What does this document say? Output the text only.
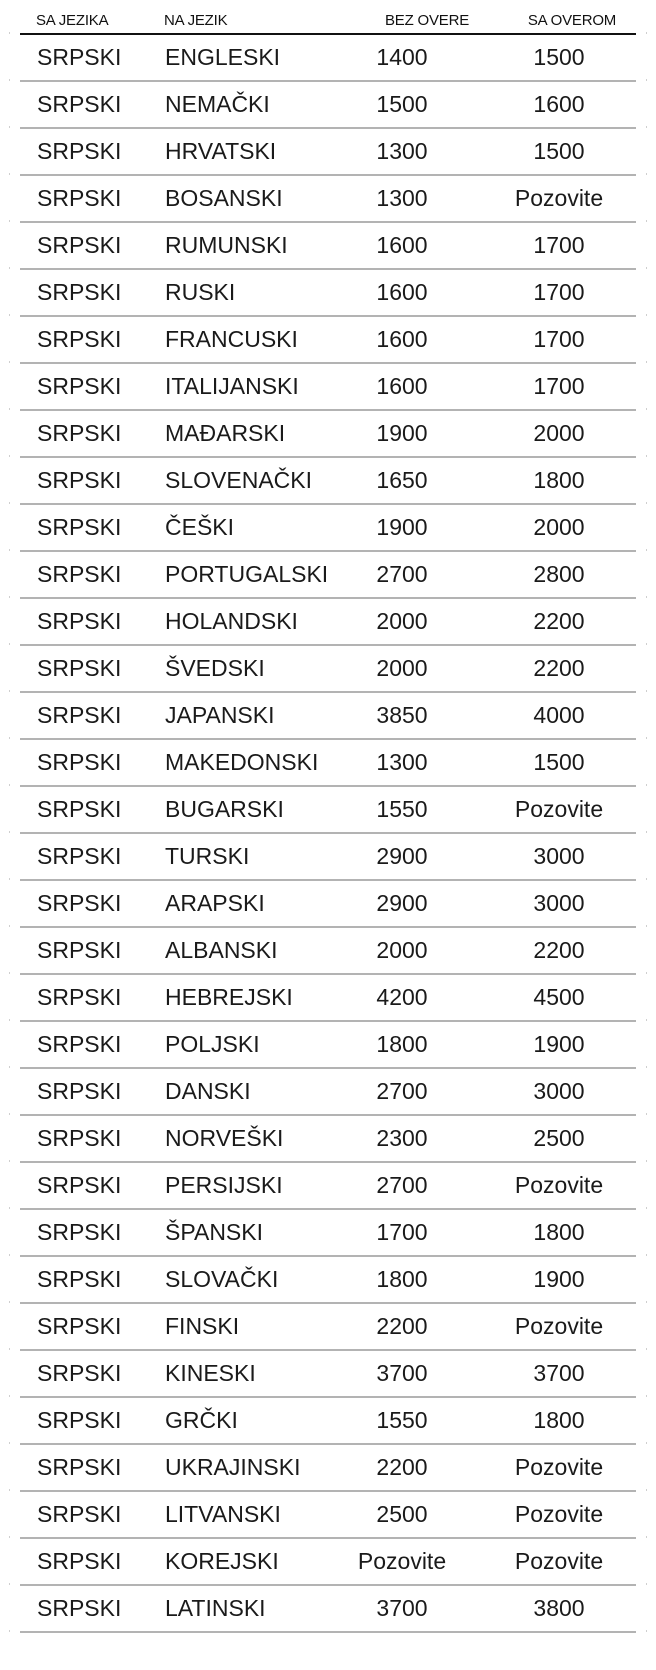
SA JEZIKA	NA JEZIK	BEZ OVERE	SA OVEROM
SRPSKI ENGLESKI	1400	1500
SRPSKI NEMAČKI	1500	1600
SRPSKI HRVATSKI	1300	1500
SRPSKI BOSANSKI	1300	Pozovite
SRPSKI RUMUNSKI	1600	1700
SRPSKI RUSKI	1600	1700
SRPSKI FRANCUSKI	1600	1700
SRPSKI ITALIJANSKI	1600	1700
SRPSKI MAĐARSKI	1900	2000
SRPSKI SLOVENAČKI	1650	1800
SRPSKI ČEŠKI	1900	2000
SRPSKI PORTUGALSKI	2700	2800
SRPSKI HOLANDSKI	2000	2200
SRPSKI ŠVEDSKI	2000	2200
SRPSKI JAPANSKI	3850	4000
SRPSKI MAKEDONSKI	1300	1500
SRPSKI BUGARSKI	1550	Pozovite
SRPSKI TURSKI	2900	3000
SRPSKI ARAPSKI	2900	3000
SRPSKI ALBANSKI	2000	2200
SRPSKI HEBREJSKI	4200	4500
SRPSKI POLJSKI	1800	1900
SRPSKI DANSKI	2700	3000
SRPSKI NORVEŠKI	2300	2500
SRPSKI PERSIJSKI	2700	Pozovite
SRPSKI ŠPANSKI	1700	1800
SRPSKI SLOVAČKI	1800	1900
SRPSKI FINSKI	2200	Pozovite
SRPSKI KINESKI	3700	3700
SRPSKI GRČKI	1550	1800
SRPSKI UKRAJINSKI	2200	Pozovite
SRPSKI LITVANSKI	2500	Pozovite
SRPSKI KOREJSKI	Pozovite	Pozovite
SRPSKI LATINSKI	3700	3800
